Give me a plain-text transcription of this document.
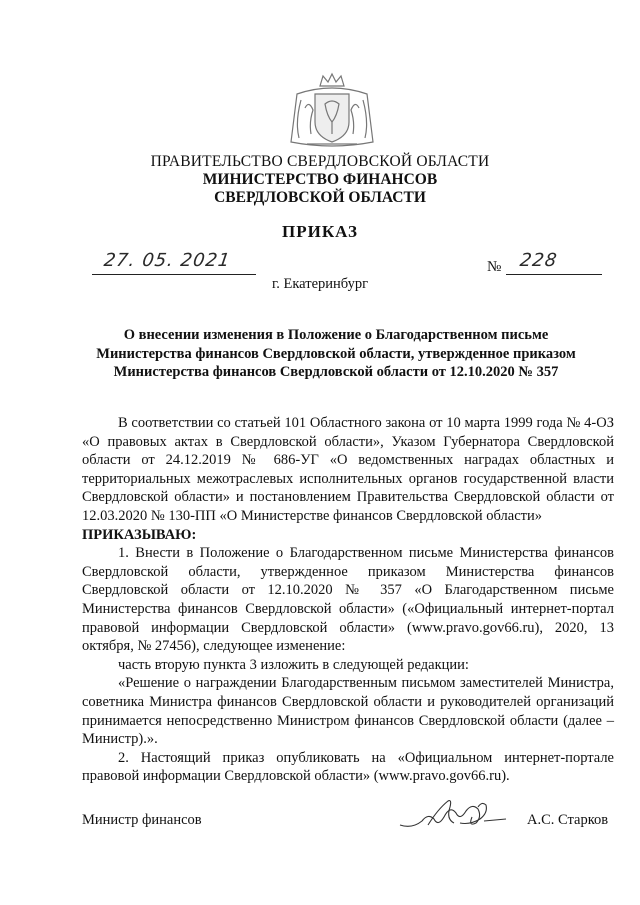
ПРАВИТЕЛЬСТВО СВЕРДЛОВСКОЙ ОБЛАСТИ
МИНИСТЕРСТВО ФИНАНСОВ
СВЕРДЛОВСКОЙ ОБЛАСТИ
ПРИКАЗ
27. 05. 2021	№ 228
г. Екатеринбург
О внесении изменения в Положение о Благодарственном письме Министерства финансов Свердловской области, утвержденное приказом Министерства финансов Свердловской области от 12.10.2020 № 357

В соответствии со статьей 101 Областного закона от 10 марта 1999 года № 4-ОЗ «О правовых актах в Свердловской области», Указом Губернатора Свердловской области от 24.12.2019 № 686-УГ «О ведомственных наградах областных и территориальных межотраслевых исполнительных органов государственной власти Свердловской области» и постановлением Правительства Свердловской области от 12.03.2020 № 130-ПП «О Министерстве финансов Свердловской области»

ПРИКАЗЫВАЮ:

1. Внести в Положение о Благодарственном письме Министерства финансов Свердловской области, утвержденное приказом Министерства финансов Свердловской области от 12.10.2020 № 357 «О Благодарственном письме Министерства финансов Свердловской области» («Официальный интернет-портал правовой информации Свердловской области» (www.pravo.gov66.ru), 2020, 13 октября, № 27456), следующее изменение:

часть вторую пункта 3 изложить в следующей редакции:

«Решение о награждении Благодарственным письмом заместителей Министра, советника Министра финансов Свердловской области и руководителей организаций принимается непосредственно Министром финансов Свердловской области (далее – Министр).».

2. Настоящий приказ опубликовать на «Официальном интернет-портале правовой информации Свердловской области» (www.pravo.gov66.ru).

Министр финансов	А.С. Старков
